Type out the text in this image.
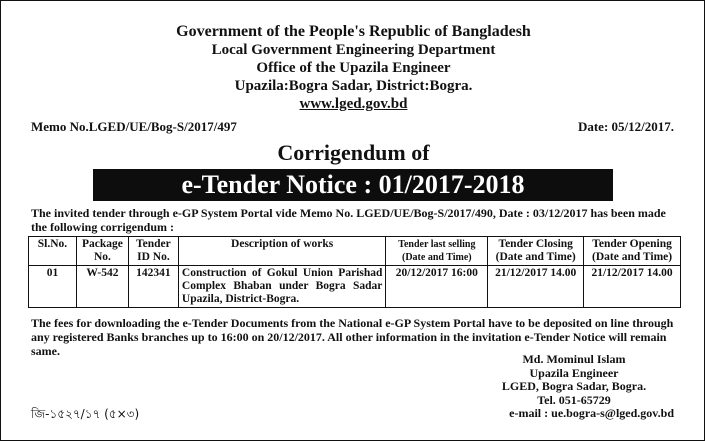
Government of the People's Republic of Bangladesh
Local Government Engineering Department
Office of the Upazila Engineer
Upazila:Bogra Sadar, District:Bogra.
www.lged.gov.bd
Memo No.LGED/UE/Bog-S/2017/497	Date: 05/12/2017.
Corrigendum of
e-Tender Notice : 01/2017-2018
The invited tender through e-GP System Portal vide Memo No. LGED/UE/Bog-S/2017/490, Date : 03/12/2017 has been made the following corrigendum :
Sl.No.	Package No.	Tender ID No.	Description of works	Tender last selling (Date and Time)	Tender Closing (Date and Time)	Tender Opening (Date and Time)
01	W-542	142341	Construction of Gokul Union Parishad Complex Bhaban under Bogra Sadar Upazila, District-Bogra.	20/12/2017 16:00	21/12/2017 14.00	21/12/2017 14.00
The fees for downloading the e-Tender Documents from the National e-GP System Portal have to be deposited on line through any registered Banks branches up to 16:00 on 20/12/2017. All other information in the invitation e-Tender Notice will remain same.
Md. Mominul Islam
Upazila Engineer
LGED, Bogra Sadar, Bogra.
Tel. 051-65729
জি-১৫২৭/১৭ (৫×৩)	e-mail : ue.bogra-s@lged.gov.bd
